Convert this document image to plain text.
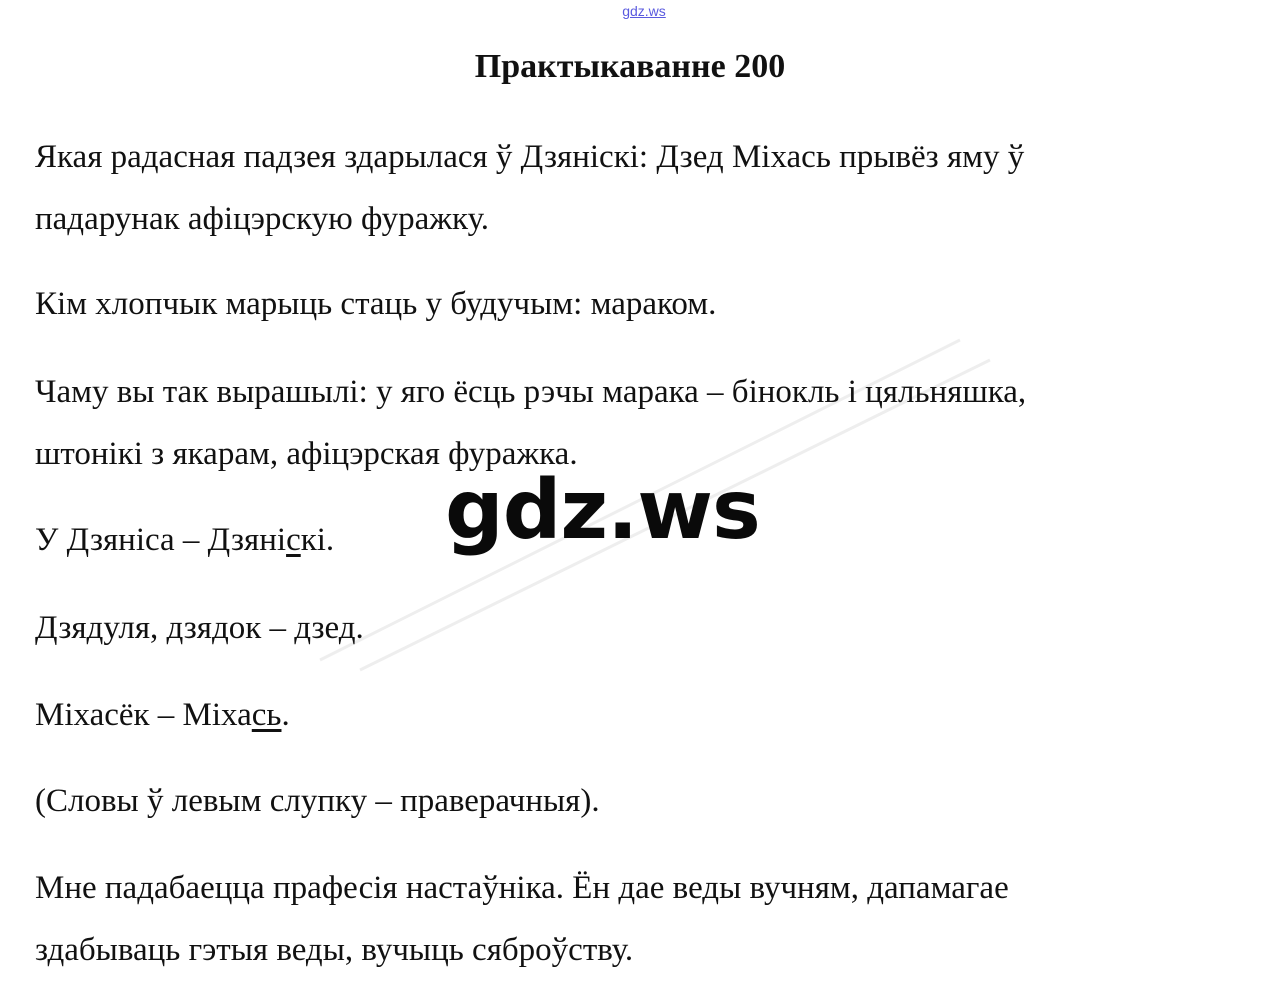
gdz.ws
Практыкаванне 200
Якая радасная падзея здарылася ў Дзяніскі: Дзед Міхась прывёз яму ў
падарунак афіцэрскую фуражку.
Кім хлопчык марыць стаць у будучым: мараком.
Чаму вы так вырашылі: у яго ёсць рэчы марака – бінокль і цяльняшка,
штонікі з якарам, афіцэрская фуражка.
У Дзяніса – Дзяніскі.
Дзядуля, дзядок – дзед.
Міхасёк – Міхась.
(Словы ў левым слупку – праверачныя).
Мне падабаецца прафесія настаўніка. Ён дае веды вучням, дапамагае
здабываць гэтыя веды, вучыць сяброўству.
gdz.ws
